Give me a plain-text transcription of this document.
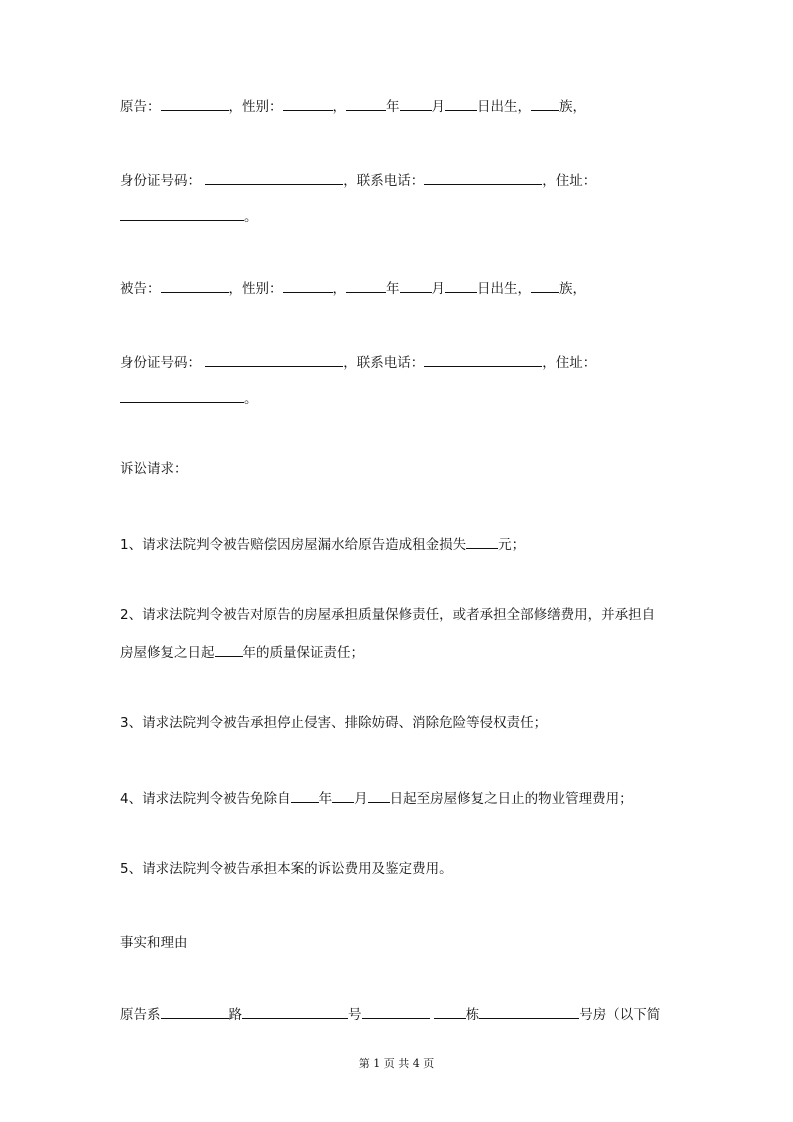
原告：	，性别：	，	年 月 日出生， 族，
身份证号码：	，联系电话：	，住址：
。
被告：	，性别：	，	年 月 日出生， 族，
身份证号码：	，联系电话：	，住址：
。
诉讼请求：
1、请求法院判令被告赔偿因房屋漏水给原告造成租金损失 元；
2、请求法院判令被告对原告的房屋承担质量保修责任，或者承担全部修缮费用，并承担自
房屋修复之日起 年的质量保证责任；
3、请求法院判令被告承担停止侵害、排除妨碍、消除危险等侵权责任；
4、请求法院判令被告免除自 年 月 日起至房屋修复之日止的物业管理费用；
5、请求法院判令被告承担本案的诉讼费用及鉴定费用。
事实和理由
原告系	路	号	栋	号房（以下简
第 1 页 共 4 页
